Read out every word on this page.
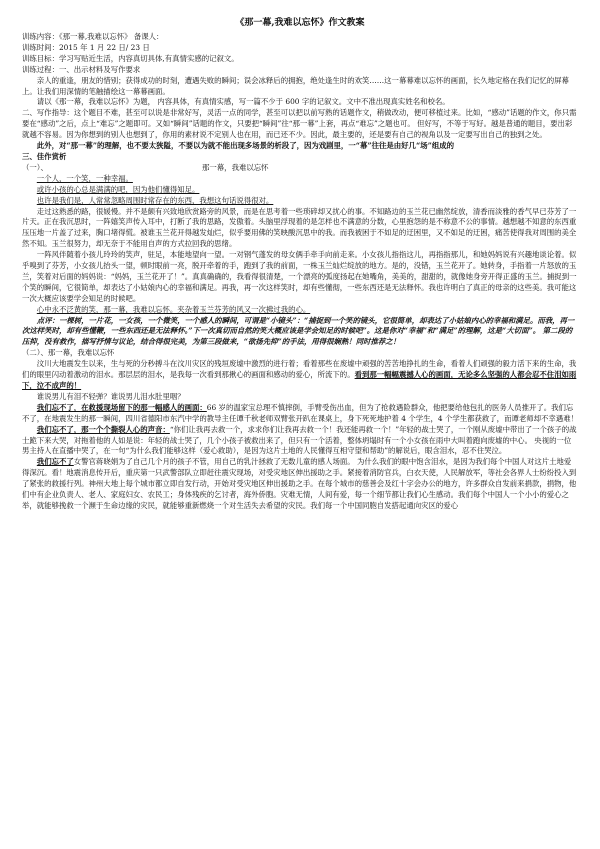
《那一幕,我难以忘怀》作文教案

训练内容：《那一幕,我难以忘怀》 备课人：

训练时间：2015 年 1 月 22 日/ 23 日

训练目标：学习写贴近生活，内容真切具体,有真情实感的记叙文。

训练过程：一、出示材料及写作要求

亲人的重逢，朋友的惜别；获得成功的时刻，遭遇失败的瞬间；误会冰释后的拥抱，绝处逢生时的欢笑……这一幕幕难以忘怀的画面，长久地定格在我们记忆的屏幕上。让我们用深情的笔触描绘这一幕幕画面。

请以《那一幕，我难以忘怀》为题， 内容具体，有真情实感，写一篇不少于 600 字的记叙文。文中不准出现真实姓名和校名。

二、写作指导：这个题目不难，甚至可以说是非常好写，灵活一点的同学，甚至可以把以前写熟的话题作文，稍做改动，便可移植过来。比如，“感动”话题的作文，你只需要在“感动”之后，点上“难忘”之题即可。又如“瞬间”话题的作文，只要把“瞬间”往“那一幕”上套，再点“难忘”之题也可。 但好写，不等于写好。越是普通的题目，要出彩就越不容易。因为你想到的别人也想到了，你用的素材说不定别人也在用，而已还不少。因此，最主要的，还是要有自己的视角以及一定要写出自己的独到之处。

此外，对“那一幕”的理解，也不要太狭隘，不要以为就不能出现多场景的析段了，因为戏剧里，一“幕”往往是由好几“场”组成的

三、佳作赏析

（一）、	那一幕，我难以忘怀

一个人，一个笑，一种幸福。

或许小孩的心总是满满的吧，因为他们懂得知足。

也许是我们是，人常常忽略周围时常存在的东西，我想这句话说得很对。

走过这熟悉的路，很媛慢。并不是颇有兴致地欣赏路旁的风景，而是在思考着一些琐碎却又扰心的事。不知路边的玉兰花已幽然绽放，清香而淡雅的香气早已芬芳了一片天。正在我沉思时，一阵嬉笑声传入耳中，打断了我的思路，发傲着。头脑里浮现着的是怎样也不满意的分数，心里抱怨的是不称意不公的事情。越想越不知意的东西重压压地一片盖了过来，胸口堵得慌。被谁玉兰花开得越发灿烂，似乎要用佛的笑映酸沉思中的我。而我被困于不如足的迂困里，又不如足的迂困，痛苦使得我对周围的美全然不知。玉兰很努力，却无奈于不能用自声的方式拉回我的思绪。

一阵风伴随着小孩儿玲玲的笑声，驻足，本能地望向一望。一对钢气蓬发的母女俩手牵手向前走来。小女孩儿指指这儿，再指指那儿，和她妈妈说有兴趣地谈论着。似乎嗅到了芬芳，小女孩儿抬头一望，顿时眼前一亮，脱开牵着的手，跑到了我的前面，一株玉兰灿烂绽放的地方。是的，没错，玉兰花开了。她转身，手指着一片怒放的玉兰，笑着对后面的妈妈说：“妈妈，玉兰花开了！”。真真确确的，我看得很清楚，一个漂亮的弧度扬起在她嘴角，美美的，甜甜的，就像她身旁开得正盛的玉兰。捕捉到一个笑的瞬间，它很简单，却表达了小姑娘内心的幸福和满足。再我，再一次这样笑时，却有些懂彻，一些东西还是无法释怀。我也许明白了真正的母亲的这些美。我可能这一次大概应该要学会知足的时候吧。

心中永不泛黄的笑，那一幕，我难以忘怀。夹杂着玉兰芬芳的风又一次拂过我的心。

点评：一棵树，一片花，一女孩，一个微笑，一个感人的瞬间，可谓是“小镜头”：“捕捉到一个笑的镜头，它很简单，却表达了小姑娘内心的幸福和满足。而我，再一次这样笑时，却有些懂鞭，一些东西还是无法释怀。”下一次真切而自然的笑大概应该是学会知足的时候吧”。这是你对“幸福”和“满足”的理解，这是“大切面”。 第二段的压抑，没有救作，描写抒情与议论，结合得很完美，为第三段做来，“欲扬先抑”的手法，用得很娴熟！同时推荐之！

（二）、那一幕，我难以忘怀

汶川大地震发生以来，生与死的分秒搏斗在汶川灾区的残垣废墟中激烈的进行着；看着那些在废墟中顽强的苦苦地挣扎的生命，看着人们顽强的毅力活下来的生命，我们的眼里闪动着激动的泪水。那层层的泪水，是我每一次看到那揪心的画面和感动的爱心，所流下的。看到那一幅幅震撼人心的画面，无论多么坚强的人都会忍不住泪如雨下，泣不成声的！

谁说男儿有泪不轻弹？谁说男儿泪水肚里咽？

我们忘不了，在救援现场留下的那一幅感人的画面：66 岁的温家宝总理不慎摔倒，手臂受伤出血，但为了抢救遇险群众，他把要给他包扎的医务人员推开了。我们忘不了，在地震发生的那一瞬间，四川省德阳市东汽中学的教导主任谭千秋老师双臂张开趴在课桌上，身下死死地护着 4 个学生，4 个学生都获救了，而谭老师却不幸遇难！

我们忘不了，那一个个撕裂人心的声音：“你们让我再去救一个，求求你们让我再去救一个！我还能再救一个！”年轻的战士哭了，一个刚从废墟中带出了一个孩子的战士跪下来大哭，对拖着他的人如是说：年轻的战士哭了，几个小孩子被救出来了，但只有一个活着，整体坍塌时有一个小女孩在雨中大叫着跑向废墟的中心。 央视的一位男主持人在直播中哭了，在一句“为什么我们能够这样（爱心救助），是因为这片土地的人民懂得互相守望和帮助”的解说后，眼含泪水，忍不住哭泣。

我们忘不了女警官蒋晓娟为了自己几个月的孩子不管，用自己的乳汁拯救了无数儿童的感人场面。 为什么我们的眼中饱含泪水，是因为我们每个中国人对这片土地爱得深沉。看！地震消息传开后，重庆第一只武警部队立即赶往震灾现场，对受灾地区伸出援助之手。紧接着消防官兵，白衣天使，人民解放军，等社会各界人士纷纷投入到了紧张的救援行列。神州大地上每个城市都立即自发行动，开始对受灾地区伸出援助之手。在每个城市的慈善会及红十字会办公的地方，许多群众自发前来捐款，捐物，他们中有企业负责人、老人、家庭妇女、农民工；身体残疾的乞讨者，海外侨胞。灾难无情，人间有爱，每一个细节都让我们心生感动。我们每个中国人一个小小的爱心之举，就能够挽救一个濒于生命边缘的灾民，就能够重新燃烧一个对生活失去希望的灾民。我们每一个中国同胞自发搭起通向灾区的爱心
